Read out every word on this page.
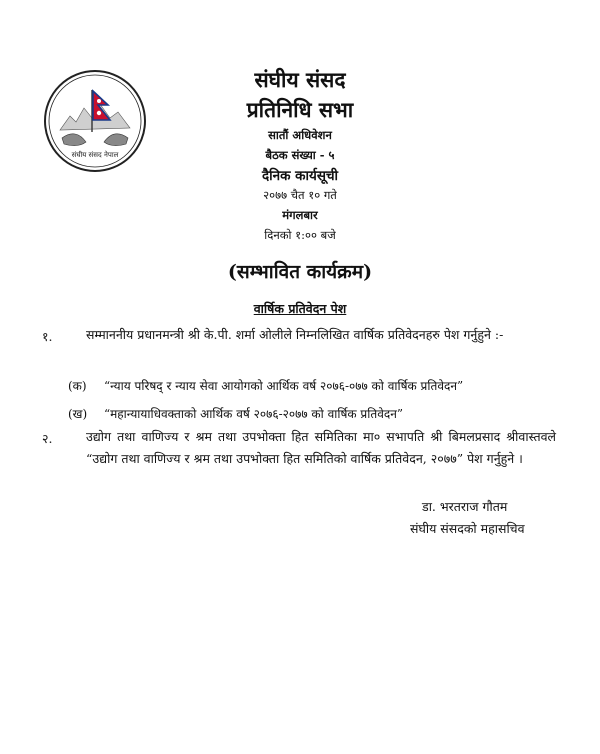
संघीय संसद नेपाल
संघीय संसद
प्रतिनिधि सभा
सातौं अधिवेशन
बैठक संख्या - ५
दैनिक कार्यसूची
२०७७ चैत १० गते
मंगलबार
दिनको १:०० बजे
(सम्भावित कार्यक्रम)
वार्षिक प्रतिवेदन पेश
१.	सम्माननीय प्रधानमन्त्री श्री के.पी. शर्मा ओलीले निम्नलिखित वार्षिक प्रतिवेदनहरु पेश गर्नुहुने :-
(क) “न्याय परिषद् र न्याय सेवा आयोगको आर्थिक वर्ष २०७६-०७७ को वार्षिक प्रतिवेदन”
(ख) “महान्यायाधिवक्ताको आर्थिक वर्ष २०७६-२०७७ को वार्षिक प्रतिवेदन”
२.	उद्योग तथा वाणिज्य र श्रम तथा उपभोक्ता हित समितिका मा० सभापति श्री बिमलप्रसाद श्रीवास्तवले “उद्योग तथा वाणिज्य र श्रम तथा उपभोक्ता हित समितिको वार्षिक प्रतिवेदन, २०७७” पेश गर्नुहुने ।
डा. भरतराज गौतम
संघीय संसदको महासचिव
